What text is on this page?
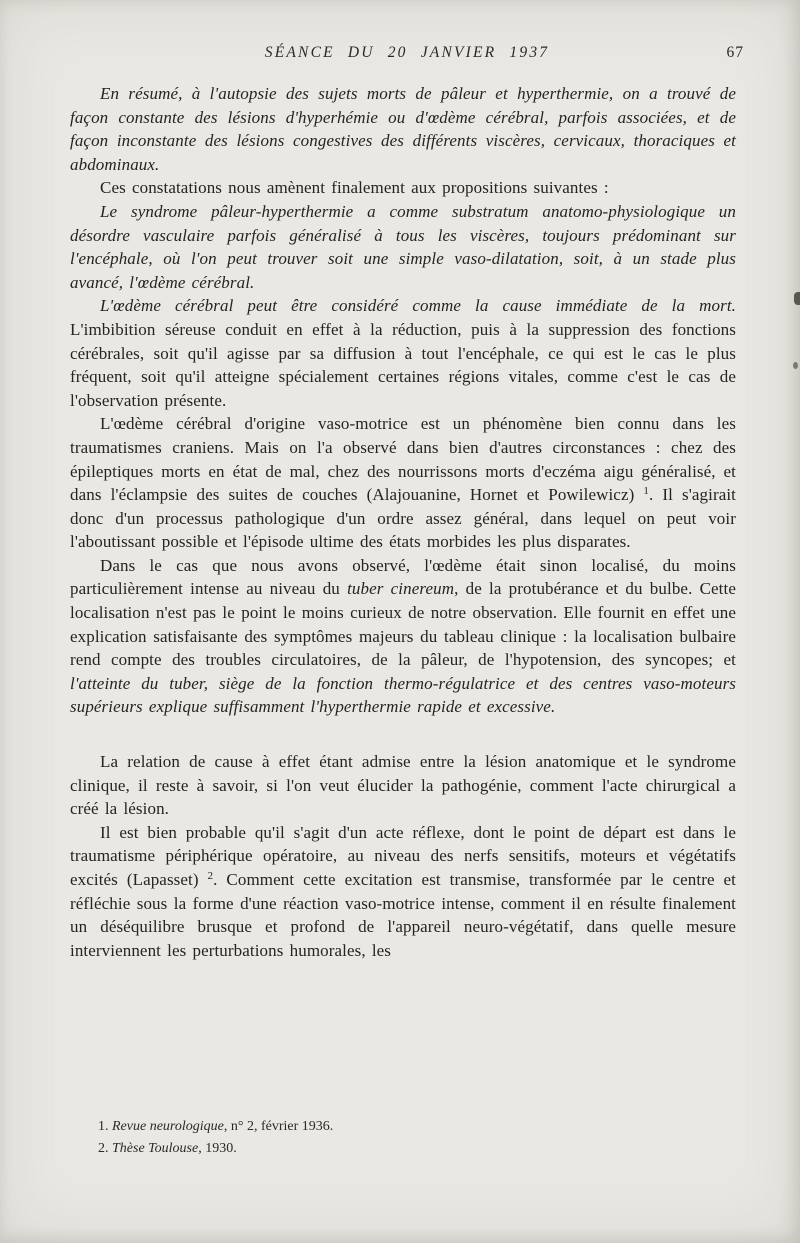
SÉANCE DU 20 JANVIER 1937	67

En résumé, à l'autopsie des sujets morts de pâleur et hyperthermie, on a trouvé de façon constante des lésions d'hyperhémie ou d'œdème cérébral, parfois associées, et de façon inconstante des lésions congestives des différents viscères, cervicaux, thoraciques et abdominaux.

Ces constatations nous amènent finalement aux propositions suivantes :

Le syndrome pâleur-hyperthermie a comme substratum anatomo-physiologique un désordre vasculaire parfois généralisé à tous les viscères, toujours prédominant sur l'encéphale, où l'on peut trouver soit une simple vaso-dilatation, soit, à un stade plus avancé, l'œdème cérébral.

L'œdème cérébral peut être considéré comme la cause immédiate de la mort. L'imbibition séreuse conduit en effet à la réduction, puis à la suppression des fonctions cérébrales, soit qu'il agisse par sa diffusion à tout l'encéphale, ce qui est le cas le plus fréquent, soit qu'il atteigne spécialement certaines régions vitales, comme c'est le cas de l'observation présente.

L'œdème cérébral d'origine vaso-motrice est un phénomène bien connu dans les traumatismes craniens. Mais on l'a observé dans bien d'autres circonstances : chez des épileptiques morts en état de mal, chez des nourrissons morts d'eczéma aigu généralisé, et dans l'éclampsie des suites de couches (Alajouanine, Hornet et Powilewicz) $^1$. Il s'agirait donc d'un processus pathologique d'un ordre assez général, dans lequel on peut voir l'aboutissant possible et l'épisode ultime des états morbides les plus disparates.

Dans le cas que nous avons observé, l'œdème était sinon localisé, du moins particulièrement intense au niveau du tuber cinereum, de la protubérance et du bulbe. Cette localisation n'est pas le point le moins curieux de notre observation. Elle fournit en effet une explication satisfaisante des symptômes majeurs du tableau clinique : la localisation bulbaire rend compte des troubles circulatoires, de la pâleur, de l'hypotension, des syncopes; et l'atteinte du tuber, siège de la fonction thermo-régulatrice et des centres vaso-moteurs supérieurs explique suffisamment l'hyperthermie rapide et excessive.

La relation de cause à effet étant admise entre la lésion anatomique et le syndrome clinique, il reste à savoir, si l'on veut élucider la pathogénie, comment l'acte chirurgical a créé la lésion.

Il est bien probable qu'il s'agit d'un acte réflexe, dont le point de départ est dans le traumatisme périphérique opératoire, au niveau des nerfs sensitifs, moteurs et végétatifs excités (Lapasset) $^2$. Comment cette excitation est transmise, transformée par le centre et réfléchie sous la forme d'une réaction vaso-motrice intense, comment il en résulte finalement un déséquilibre brusque et profond de l'appareil neuro-végétatif, dans quelle mesure interviennent les perturbations humorales, les

1. Revue neurologique, n° 2, février 1936.

2. Thèse Toulouse, 1930.
